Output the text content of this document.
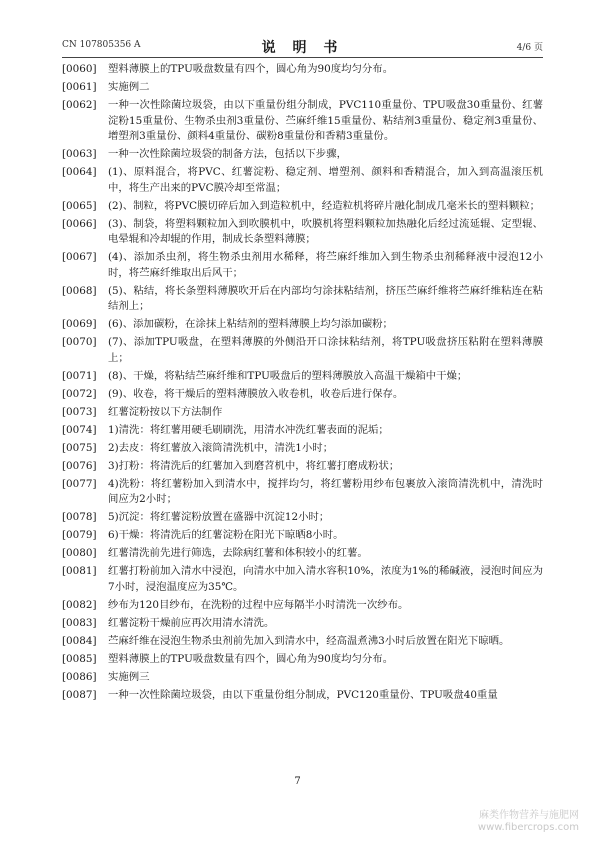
CN 107805356 A	说 明 书	4/6 页
[0060]	塑料薄膜上的TPU吸盘数量有四个，圆心角为90度均匀分布。
[0061]	实施例二
[0062]	一种一次性除菌垃圾袋，由以下重量份组分制成，PVC110重量份、TPU吸盘30重量份、红薯淀粉15重量份、生物杀虫剂3重量份、苎麻纤维15重量份、粘结剂3重量份、稳定剂3重量份、增塑剂3重量份、颜料4重量份、碳粉8重量份和香精3重量份。
[0063]	一种一次性除菌垃圾袋的制备方法，包括以下步骤，
[0064]	(1)、原料混合，将PVC、红薯淀粉、稳定剂、增塑剂、颜料和香精混合，加入到高温滚压机中，将生产出来的PVC膜冷却至常温；
[0065]	(2)、制粒，将PVC膜切碎后加入到造粒机中，经造粒机将碎片融化制成几毫米长的塑料颗粒；
[0066]	(3)、制袋，将塑料颗粒加入到吹膜机中，吹膜机将塑料颗粒加热融化后经过流延辊、定型辊、电晕辊和冷却辊的作用，制成长条塑料薄膜；
[0067]	(4)、添加杀虫剂，将生物杀虫剂用水稀释，将苎麻纤维加入到生物杀虫剂稀释液中浸泡12小时，将苎麻纤维取出后风干；
[0068]	(5)、粘结，将长条塑料薄膜吹开后在内部均匀涂抹粘结剂，挤压苎麻纤维将苎麻纤维粘连在粘结剂上；
[0069]	(6)、添加碳粉，在涂抹上粘结剂的塑料薄膜上均匀添加碳粉；
[0070]	(7)、添加TPU吸盘，在塑料薄膜的外侧沿开口涂抹粘结剂，将TPU吸盘挤压粘附在塑料薄膜上；
[0071]	(8)、干燥，将粘结苎麻纤维和TPU吸盘后的塑料薄膜放入高温干燥箱中干燥；
[0072]	(9)、收卷，将干燥后的塑料薄膜放入收卷机，收卷后进行保存。
[0073]	红薯淀粉按以下方法制作
[0074]	1)清洗：将红薯用硬毛刷刷洗，用清水冲洗红薯表面的泥垢；
[0075]	2)去皮：将红薯放入滚筒清洗机中，清洗1小时；
[0076]	3)打粉：将清洗后的红薯加入到磨苕机中，将红薯打磨成粉状；
[0077]	4)洗粉：将红薯粉加入到清水中，搅拌均匀，将红薯粉用纱布包裹放入滚筒清洗机中，清洗时间应为2小时；
[0078]	5)沉淀：将红薯淀粉放置在盛器中沉淀12小时；
[0079]	6)干燥：将清洗后的红薯淀粉在阳光下晾晒8小时。
[0080]	红薯清洗前先进行筛选，去除病红薯和体积较小的红薯。
[0081]	红薯打粉前加入清水中浸泡，向清水中加入清水容积10%，浓度为1%的稀碱液，浸泡时间应为7小时，浸泡温度应为35℃。
[0082]	纱布为120目纱布，在洗粉的过程中应每隔半小时清洗一次纱布。
[0083]	红薯淀粉干燥前应再次用清水清洗。
[0084]	苎麻纤维在浸泡生物杀虫剂前先加入到清水中，经高温煮沸3小时后放置在阳光下晾晒。
[0085]	塑料薄膜上的TPU吸盘数量有四个，圆心角为90度均匀分布。
[0086]	实施例三
[0087]	一种一次性除菌垃圾袋，由以下重量份组分制成，PVC120重量份、TPU吸盘40重量
7
麻类作物营养与施肥网
www.fibercrops.com
